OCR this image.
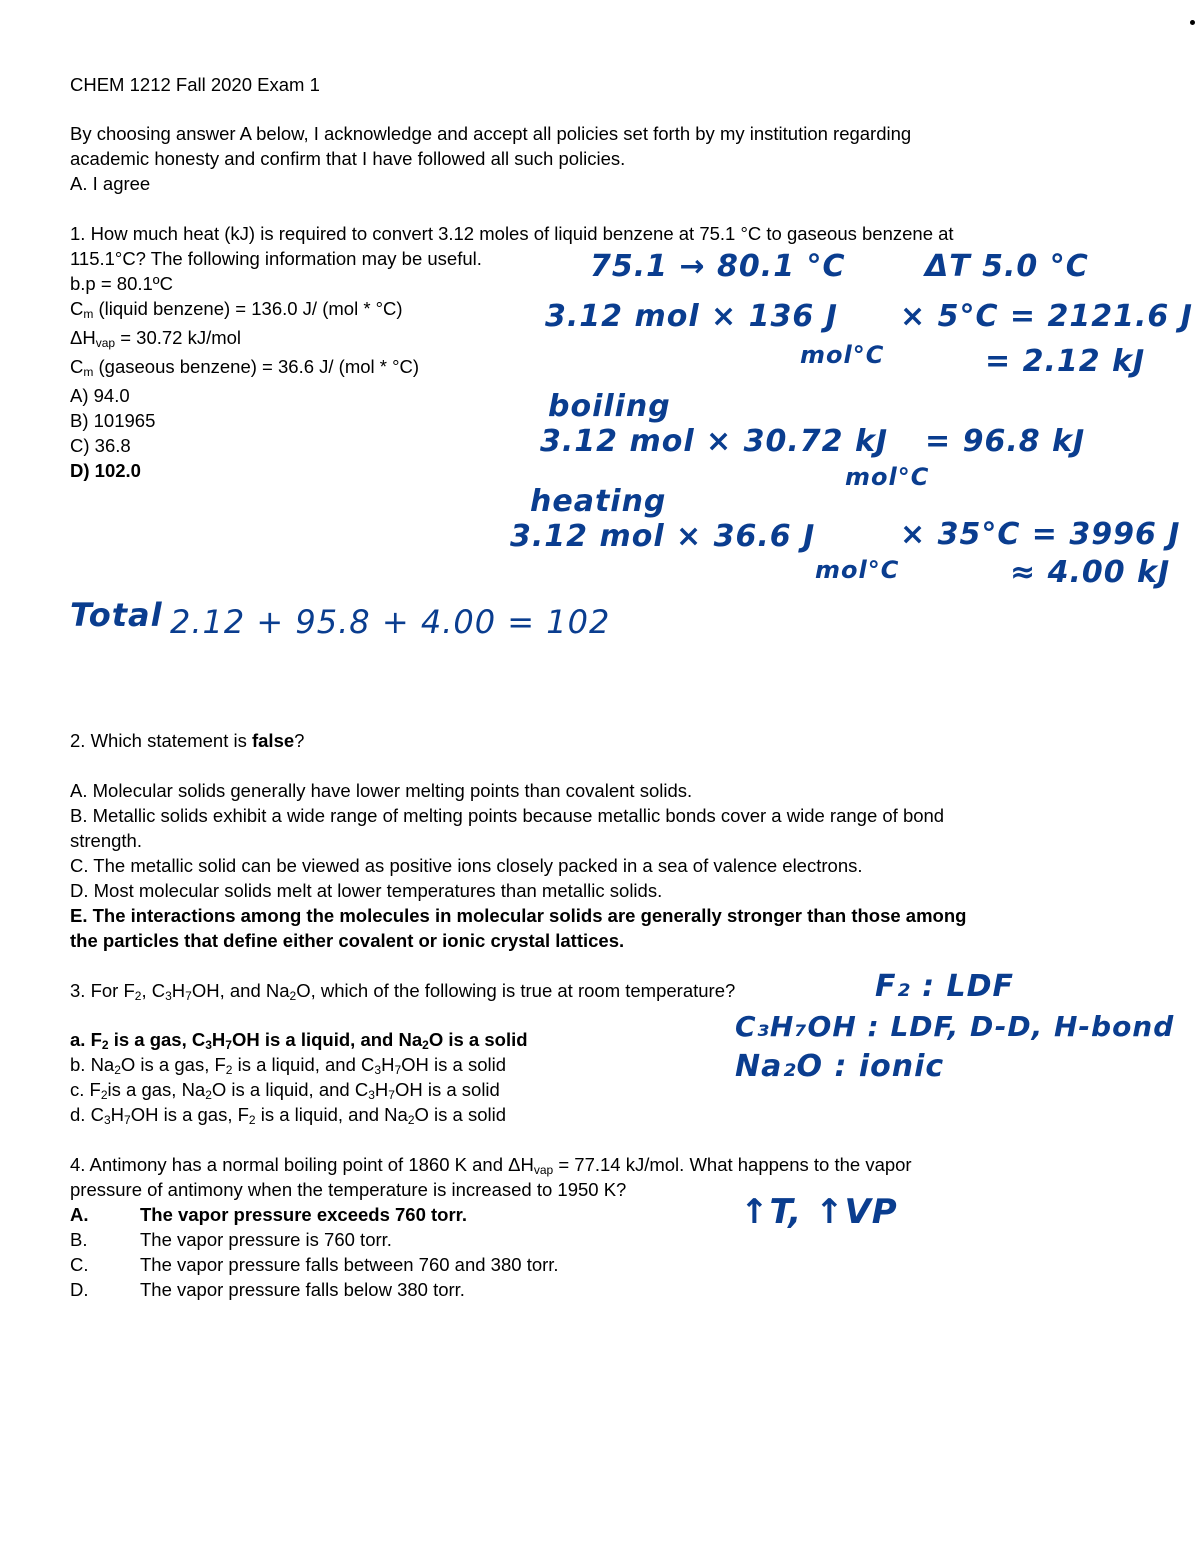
CHEM 1212 Fall 2020 Exam 1
By choosing answer A below, I acknowledge and accept all policies set forth by my institution regarding
academic honesty and confirm that I have followed all such policies.
A. I agree
1. How much heat (kJ) is required to convert 3.12 moles of liquid benzene at 75.1 °C to gaseous benzene at
115.1°C? The following information may be useful.
b.p = 80.1ºC
$C_m$ (liquid benzene) = 136.0 J/ (mol * °C)
$\Delta H_{vap} = 30.72$ kJ/mol
$C_m$ (gaseous benzene) = 36.6 J/ (mol * °C)
A) 94.0
B) 101965
C) 36.8
D) 102.0
75.1 → 80.1 °C	ΔT 5.0 °C
3.12 mol × 136 J
mol°C
× 5°C = 2121.6 J
= 2.12 kJ
boiling
3.12 mol × 30.72 kJ
mol°C
= 96.8 kJ
heating
3.12 mol × 36.6 J
mol°C
× 35°C = 3996 J
≈ 4.00 kJ
Total 2.12 + 95.8 + 4.00 = 102
2. Which statement is false?
A. Molecular solids generally have lower melting points than covalent solids.
B. Metallic solids exhibit a wide range of melting points because metallic bonds cover a wide range of bond
strength.
C. The metallic solid can be viewed as positive ions closely packed in a sea of valence electrons.
D. Most molecular solids melt at lower temperatures than metallic solids.
E. The interactions among the molecules in molecular solids are generally stronger than those among
the particles that define either covalent or ionic crystal lattices.
3. For $F_2$, $C_3H_7OH$, and $Na_2O$, which of the following is true at room temperature?
a. $F_2$ is a gas, $C_3H_7OH$ is a liquid, and $Na_2O$ is a solid
b. $Na_2O$ is a gas, $F_2$ is a liquid, and $C_3H_7OH$ is a solid
c. $F_2is$ a gas, $Na_2O$ is a liquid, and $C_3H_7OH$ is a solid
d. $C_3H_7OH$ is a gas, $F_2$ is a liquid, and $Na_2O$ is a solid
F₂ : LDF
C₃H₇OH : LDF, D-D, H-bond
Na₂O : ionic
4. Antimony has a normal boiling point of 1860 K and $\Delta H_{vap} = 77.14$ kJ/mol. What happens to the vapor
pressure of antimony when the temperature is increased to 1950 K?
A.	The vapor pressure exceeds 760 torr.
B.	The vapor pressure is 760 torr.
C.	The vapor pressure falls between 760 and 380 torr.
D.	The vapor pressure falls below 380 torr.
↑T, ↑VP
